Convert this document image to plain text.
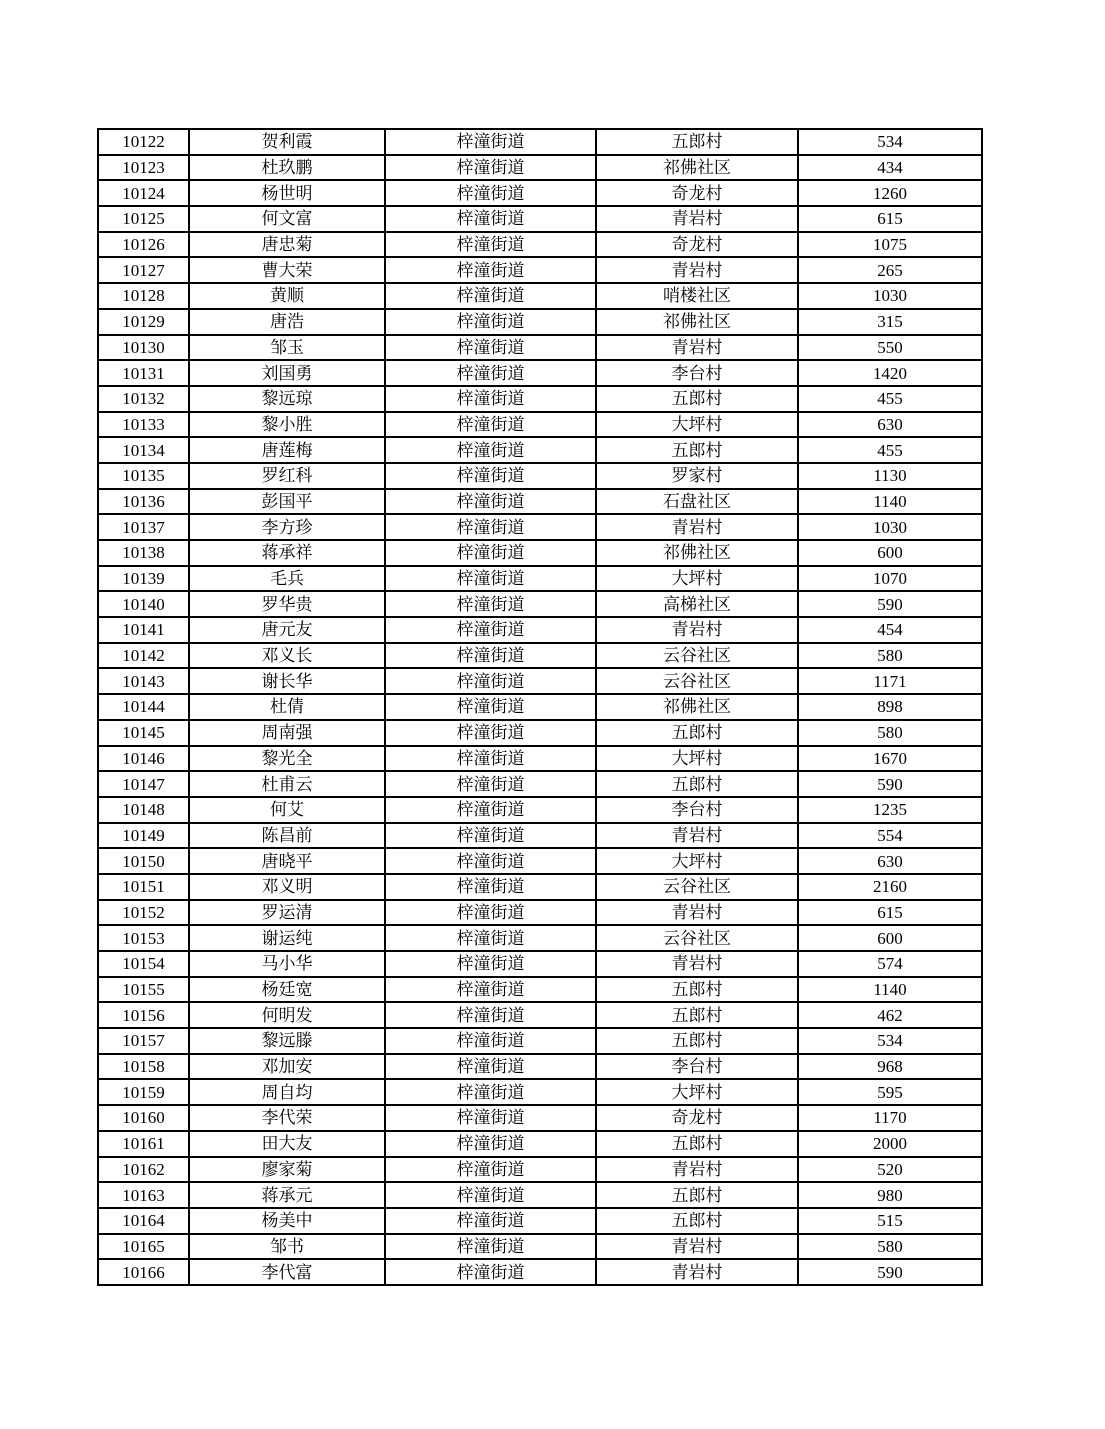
10122	贺利霞	梓潼街道	五郎村	534
10123	杜玖鹏	梓潼街道	祁佛社区	434
10124	杨世明	梓潼街道	奇龙村	1260
10125	何文富	梓潼街道	青岩村	615
10126	唐忠菊	梓潼街道	奇龙村	1075
10127	曹大荣	梓潼街道	青岩村	265
10128	黄顺	梓潼街道	哨楼社区	1030
10129	唐浩	梓潼街道	祁佛社区	315
10130	邹玉	梓潼街道	青岩村	550
10131	刘国勇	梓潼街道	李台村	1420
10132	黎远琼	梓潼街道	五郎村	455
10133	黎小胜	梓潼街道	大坪村	630
10134	唐莲梅	梓潼街道	五郎村	455
10135	罗红科	梓潼街道	罗家村	1130
10136	彭国平	梓潼街道	石盘社区	1140
10137	李方珍	梓潼街道	青岩村	1030
10138	蒋承祥	梓潼街道	祁佛社区	600
10139	毛兵	梓潼街道	大坪村	1070
10140	罗华贵	梓潼街道	高梯社区	590
10141	唐元友	梓潼街道	青岩村	454
10142	邓义长	梓潼街道	云谷社区	580
10143	谢长华	梓潼街道	云谷社区	1171
10144	杜倩	梓潼街道	祁佛社区	898
10145	周南强	梓潼街道	五郎村	580
10146	黎光全	梓潼街道	大坪村	1670
10147	杜甫云	梓潼街道	五郎村	590
10148	何艾	梓潼街道	李台村	1235
10149	陈昌前	梓潼街道	青岩村	554
10150	唐晓平	梓潼街道	大坪村	630
10151	邓义明	梓潼街道	云谷社区	2160
10152	罗运清	梓潼街道	青岩村	615
10153	谢运纯	梓潼街道	云谷社区	600
10154	马小华	梓潼街道	青岩村	574
10155	杨廷宽	梓潼街道	五郎村	1140
10156	何明发	梓潼街道	五郎村	462
10157	黎远滕	梓潼街道	五郎村	534
10158	邓加安	梓潼街道	李台村	968
10159	周自均	梓潼街道	大坪村	595
10160	李代荣	梓潼街道	奇龙村	1170
10161	田大友	梓潼街道	五郎村	2000
10162	廖家菊	梓潼街道	青岩村	520
10163	蒋承元	梓潼街道	五郎村	980
10164	杨美中	梓潼街道	五郎村	515
10165	邹书	梓潼街道	青岩村	580
10166	李代富	梓潼街道	青岩村	590
